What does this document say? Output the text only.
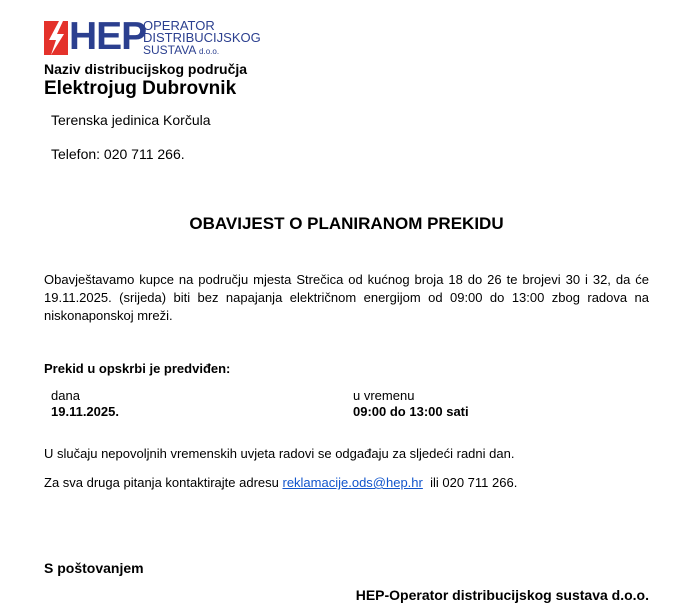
HEP
OPERATOR
DISTRIBUCIJSKOG
SUSTAVA d.o.o.
Naziv distribucijskog područja
Elektrojug Dubrovnik
Terenska jedinica Korčula
Telefon: 020 711 266.
OBAVIJEST O PLANIRANOM PREKIDU
Obavještavamo kupce na području mjesta Strečica od kućnog broja 18 do 26 te brojevi 30 i 32, da će 19.11.2025. (srijeda) biti bez napajanja električnom energijom od 09:00 do 13:00 zbog radova na niskonaponskoj mreži.
Prekid u opskrbi je predviđen:
dana
19.11.2025.
u vremenu
09:00 do 13:00 sati
U slučaju nepovoljnih vremenskih uvjeta radovi se odgađaju za sljedeći radni dan.
Za sva druga pitanja kontaktirajte adresu reklamacije.ods@hep.hr ili 020 711 266.
S poštovanjem
HEP-Operator distribucijskog sustava d.o.o.
